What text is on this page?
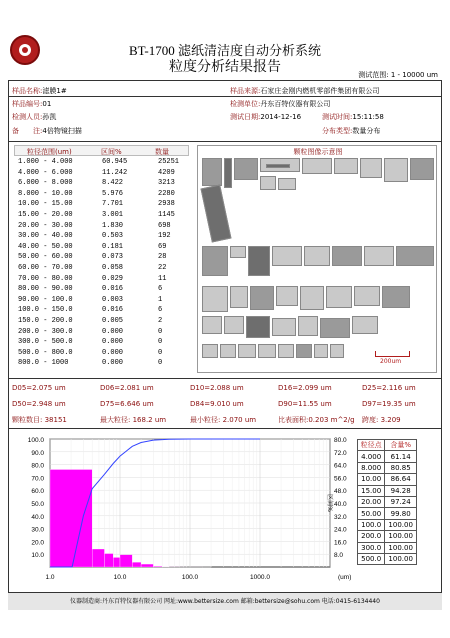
BT-1700 滤纸清洁度自动分析系统
粒度分析结果报告	测试范围: 1 - 10000 um
样品名称:滤膜1#	样品来源:石家庄金刚内燃机零部件集团有限公司
样品编号:01	检测单位:丹东百特仪器有限公司
检测人员:孙凯	测试日期:2014-12-16	测试时间:15:11:58
备　　注:4倍物镜扫描	分布类型:数量分布
粒径范围(um)	区间%	数量
1.000 - 4.000	60.945	25251
4.000 - 6.000	11.242	4209
6.000 - 8.000	8.422	3213
8.000 - 10.00	5.976	2280
10.00 - 15.00	7.701	2938
15.00 - 20.00	3.001	1145
20.00 - 30.00	1.830	698
30.00 - 40.00	0.503	192
40.00 - 50.00	0.181	69
50.00 - 60.00	0.073	28
60.00 - 70.00	0.058	22
70.00 - 80.00	0.029	11
80.00 - 90.00	0.016	6
90.00 - 100.0	0.003	1
100.0 - 150.0	0.016	6
150.0 - 200.0	0.005	2
200.0 - 300.0	0.000	0
300.0 - 500.0	0.000	0
500.0 - 800.0	0.000	0
800.0 - 1000	0.000	0
颗粒图像示意图
200um
D05=2.075 um	D06=2.081 um	D10=2.088 um	D16=2.099 um	D25=2.116 um
D50=2.948 um	D75=6.646 um	D84=9.010 um	D90=11.55 um	D97=19.35 um
颗粒数目: 38151	最大粒径: 168.2 um	最小粒径: 2.070 um	比表面积:0.203 m^2/g 跨度: 3.209
100.0
90.0
80.0
70.0
60.0
50.0
40.0
30.0
20.0
10.0
80.0
72.0
64.0
56.0
48.0
40.0
32.0
24.0
16.0
8.0
1.0	10.0	100.0	1000.0	(um)
区间%
粒径点	含量%
4.000	61.14
8.000	80.85
10.00	86.64
15.00	94.28
20.00	97.24
50.00	99.80
100.0	100.00
200.0	100.00
300.0	100.00
500.0	100.00
仪器制造商:丹东百特仪器有限公司 网址:www.bettersize.com 邮箱:bettersize@sohu.com 电话:0415-6134440
